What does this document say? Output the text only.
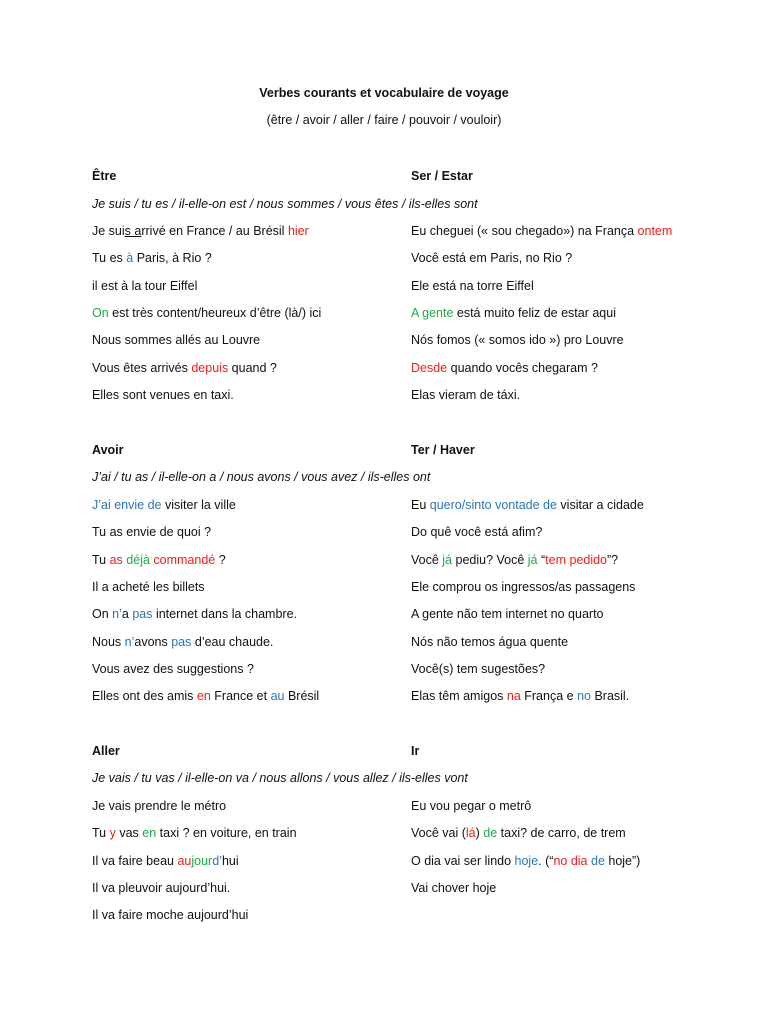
Verbes courants et vocabulaire de voyage
(être / avoir / aller / faire / pouvoir / vouloir)
Être	Ser / Estar
Je suis / tu es / il-elle-on est / nous sommes / vous êtes / ils-elles sont
Je suis arrivé en France / au Brésil hier	Eu cheguei (« sou chegado») na França ontem
Tu es à Paris, à Rio ?	Você está em Paris, no Rio ?
il est à la tour Eiffel	Ele está na torre Eiffel
On est très content/heureux d’être (là/) ici	A gente está muito feliz de estar aqui
Nous sommes allés au Louvre	Nós fomos (« somos ido ») pro Louvre
Vous êtes arrivés depuis quand ?	Desde quando vocês chegaram ?
Elles sont venues en taxi.	Elas vieram de táxi.
Avoir	Ter / Haver
J’ai / tu as / il-elle-on a / nous avons / vous avez / ils-elles ont
J’ai envie de visiter la ville	Eu quero/sinto vontade de visitar a cidade
Tu as envie de quoi ?	Do quê você está afim?
Tu as déjà commandé ?	Você já pediu? Você já “tem pedido”?
Il a acheté les billets	Ele comprou os ingressos/as passagens
On n’a pas internet dans la chambre.	A gente não tem internet no quarto
Nous n’avons pas d’eau chaude.	Nós não temos água quente
Vous avez des suggestions ?	Você(s) tem sugestões?
Elles ont des amis en France et au Brésil	Elas têm amigos na França e no Brasil.
Aller	Ir
Je vais / tu vas / il-elle-on va / nous allons / vous allez / ils-elles vont
Je vais prendre le métro	Eu vou pegar o metrô
Tu y vas en taxi ? en voiture, en train	Você vai (lá) de taxi? de carro, de trem
Il va faire beau aujourd’hui	O dia vai ser lindo hoje. (“no dia de hoje”)
Il va pleuvoir aujourd’hui.	Vai chover hoje
Il va faire moche aujourd’hui
